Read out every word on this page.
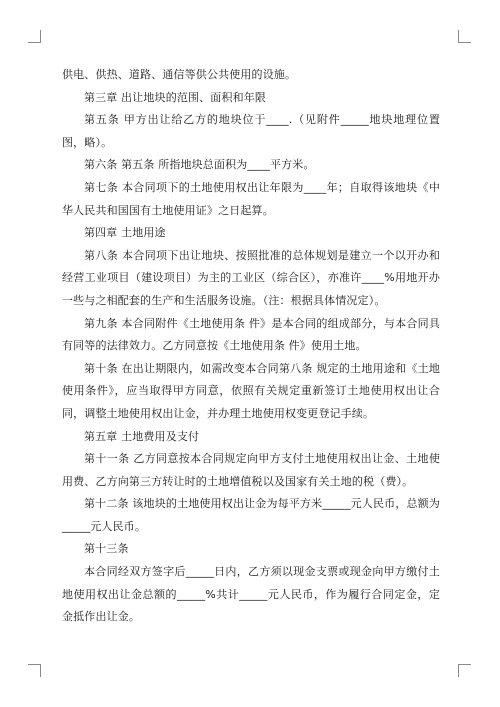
供电、供热、道路、通信等供公共使用的设施。

第三章 出让地块的范围、面积和年限

第五条 甲方出让给乙方的地块位于____.（见附件_____地块地理位置图，略）。

第六条 第五条 所指地块总面积为____平方米。

第七条 本合同项下的土地使用权出让年限为____年；自取得该地块《中华人民共和国国有土地使用证》之日起算。

第四章 土地用途

第八条 本合同项下出让地块、按照批准的总体规划是建立一个以开办和经营工业项目（建设项目）为主的工业区（综合区），亦准许____%用地开办一些与之相配套的生产和生活服务设施。（注：根据具体情况定）。

第九条 本合同附件《土地使用条 件》是本合同的组成部分，与本合同具有同等的法律效力。乙方同意按《土地使用条 件》使用土地。

第十条 在出让期限内，如需改变本合同第八条 规定的土地用途和《土地使用条件》，应当取得甲方同意，依照有关规定重新签订土地使用权出让合同，调整土地使用权出让金，并办理土地使用权变更登记手续。

第五章 土地费用及支付

第十一条 乙方同意按本合同规定向甲方支付土地使用权出让金、土地使用费、乙方向第三方转让时的土地增值税以及国家有关土地的税（费）。

第十二条 该地块的土地使用权出让金为每平方米_____元人民币，总额为_____元人民币。

第十三条

本合同经双方签字后_____日内，乙方须以现金支票或现金向甲方缴付土地使用权出让金总额的_____%共计_____元人民币，作为履行合同定金，定金抵作出让金。
